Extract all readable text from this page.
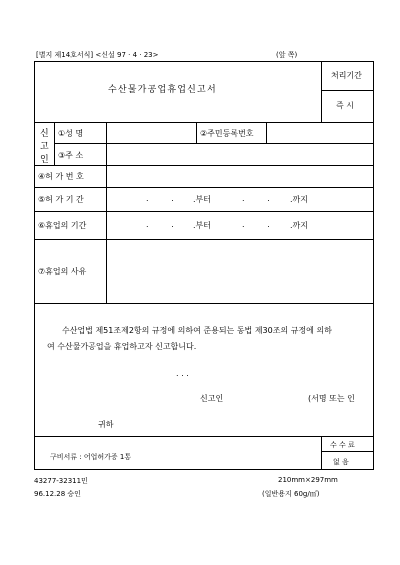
[별지 제14호서식] <신설 97 · 4 · 23>	(앞 쪽)
수산물가공업휴업신고서
처리기간
즉 시
신
고
인
①성 명	②주민등록번호
③주 소
④허 가 번 호
⑤허 가 기 간	. . .부터	. . .까지
⑥휴업의 기간	. . .부터	. . .까지
⑦휴업의 사유
수산업법 제51조제2항의 규정에 의하여 준용되는 동법 제30조의 규정에 의하
여 수산물가공업을 휴업하고자 신고합니다.
. . .
신고인	(서명 또는 인
귀하
구비서류 : 어업허가증 1통
수 수 료
없 음
43277-32311민
96.12.28 승인
210mm×297mm
(일반용지 60g/㎡)
